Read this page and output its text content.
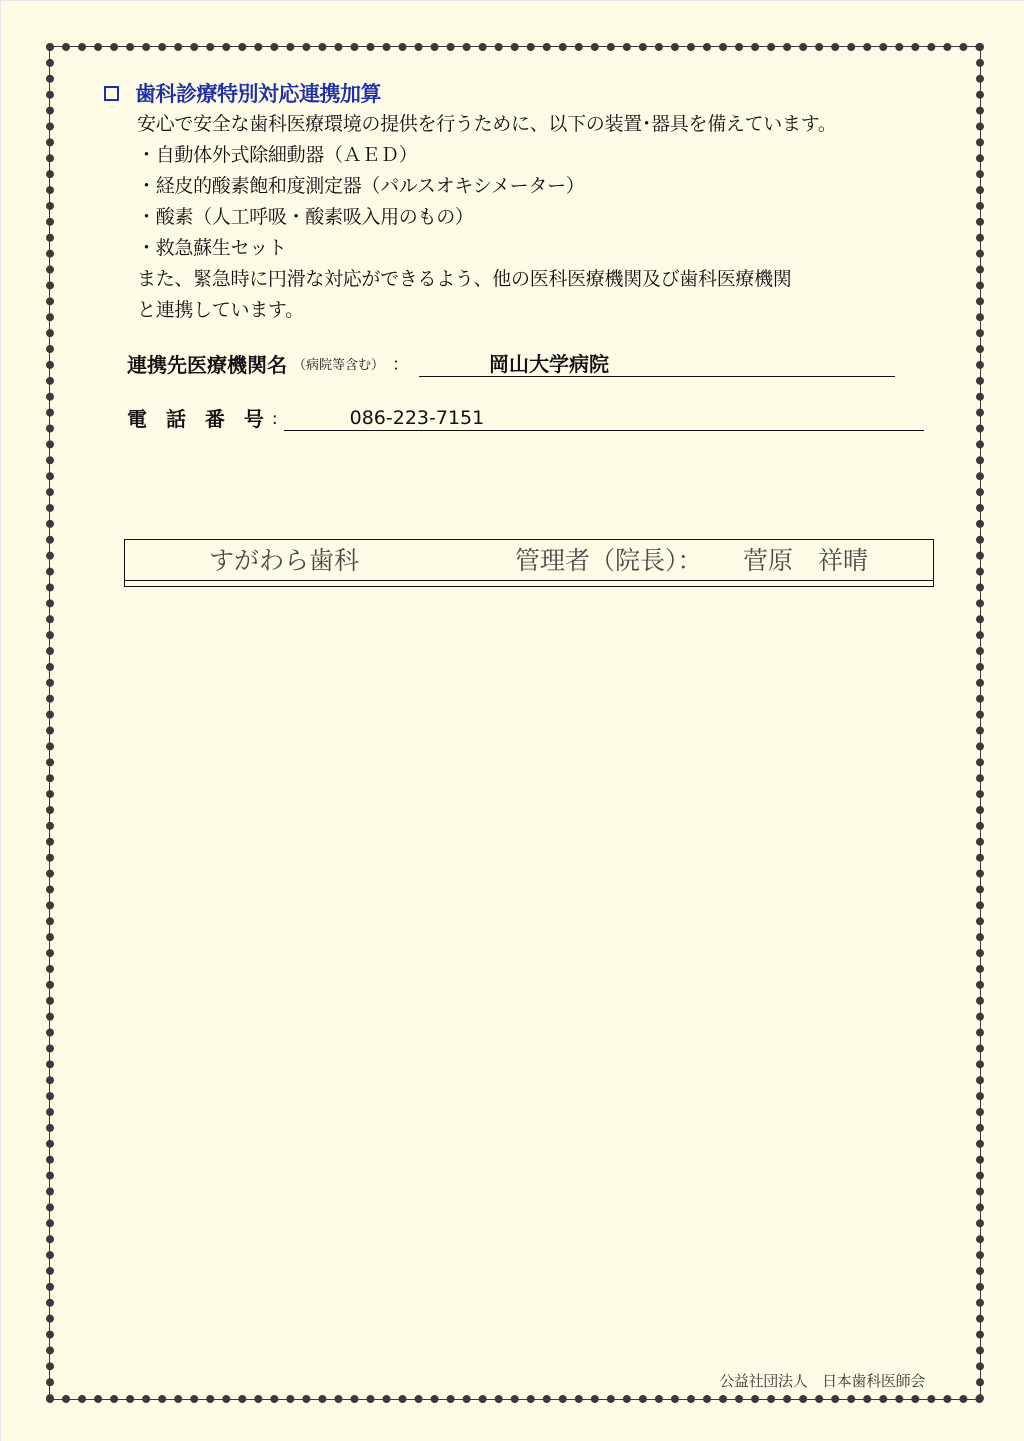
歯科診療特別対応連携加算
安心で安全な歯科医療環境の提供を行うために、以下の装置･器具を備えています。
・自動体外式除細動器（ＡＥＤ）
・経皮的酸素飽和度測定器（パルスオキシメーター）
・酸素（人工呼吸・酸素吸入用のもの）
・救急蘇生セット
また、緊急時に円滑な対応ができるよう、他の医科医療機関及び歯科医療機関
と連携しています。
連携先医療機関名 （病院等含む） ：	岡山大学病院
電 話 番 号 :	086-223-7151
すがわら歯科	管理者（院長）： 菅原　祥晴
公益社団法人　日本歯科医師会
